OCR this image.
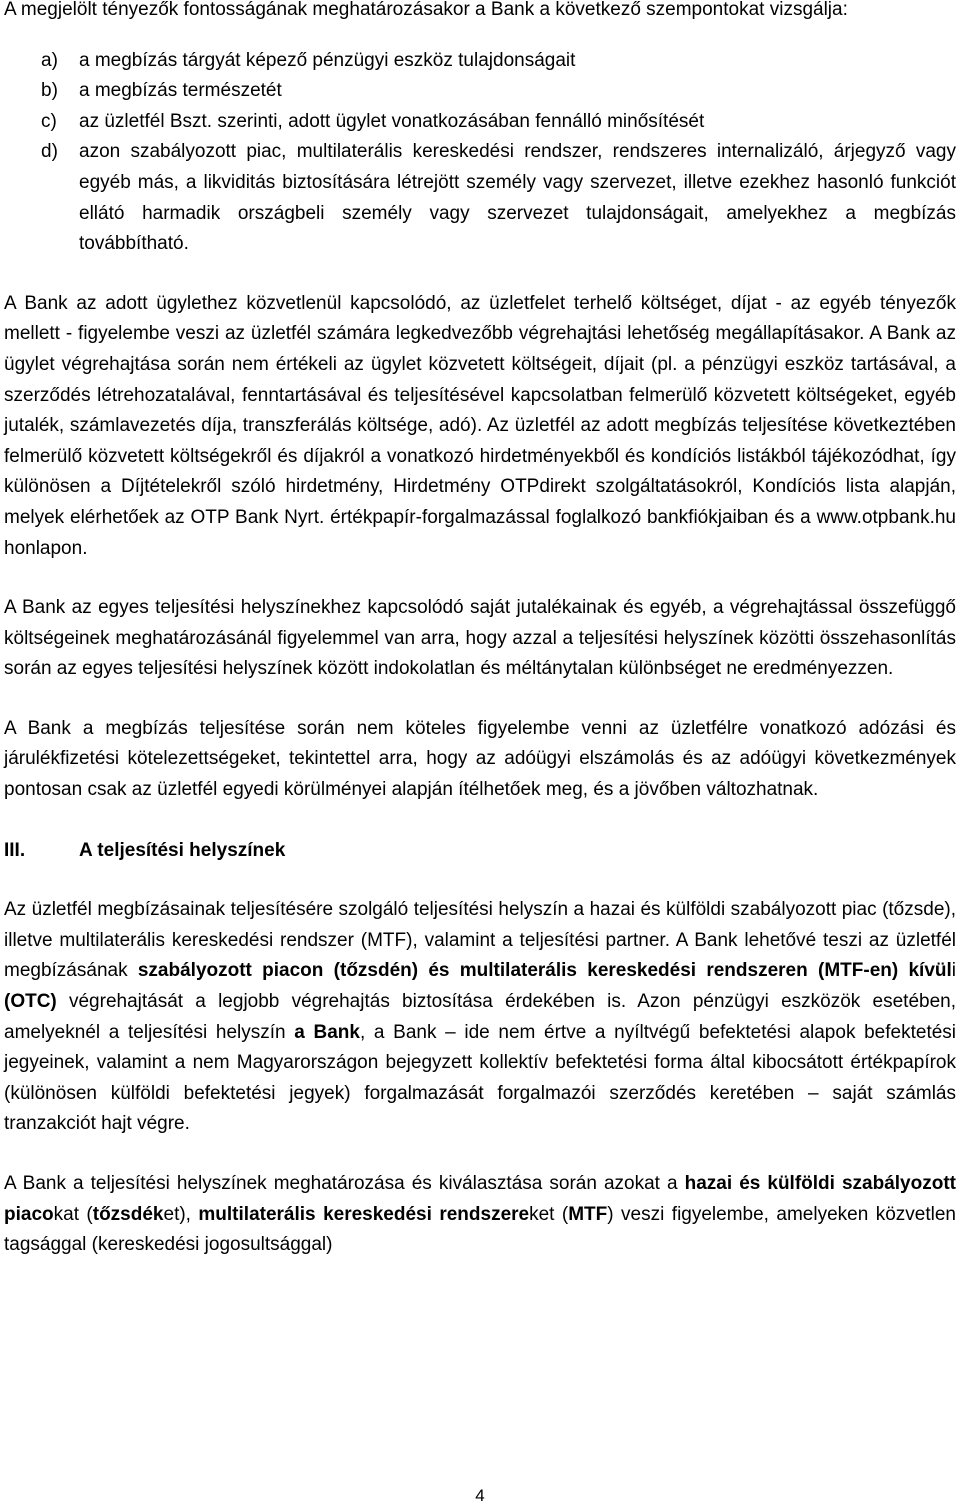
A megjelölt tényezők fontosságának meghatározásakor a Bank a következő szempontokat vizsgálja:

a) a megbízás tárgyát képező pénzügyi eszköz tulajdonságait
b) a megbízás természetét
c) az üzletfél Bszt. szerinti, adott ügylet vonatkozásában fennálló minősítését
d) azon szabályozott piac, multilaterális kereskedési rendszer, rendszeres internalizáló, árjegyző vagy egyéb más, a likviditás biztosítására létrejött személy vagy szervezet, illetve ezekhez hasonló funkciót ellátó harmadik országbeli személy vagy szervezet tulajdonságait, amelyekhez a megbízás továbbítható.

A Bank az adott ügylethez közvetlenül kapcsolódó, az üzletfelet terhelő költséget, díjat - az egyéb tényezők mellett - figyelembe veszi az üzletfél számára legkedvezőbb végrehajtási lehetőség megállapításakor. A Bank az ügylet végrehajtása során nem értékeli az ügylet közvetett költségeit, díjait (pl. a pénzügyi eszköz tartásával, a szerződés létrehozatalával, fenntartásával és teljesítésével kapcsolatban felmerülő közvetett költségeket, egyéb jutalék, számlavezetés díja, transzferálás költsége, adó). Az üzletfél az adott megbízás teljesítése következtében felmerülő közvetett költségekről és díjakról a vonatkozó hirdetményekből és kondíciós listákból tájékozódhat, így különösen a Díjtételekről szóló hirdetmény, Hirdetmény OTPdirekt szolgáltatásokról, Kondíciós lista alapján, melyek elérhetőek az OTP Bank Nyrt. értékpapír-forgalmazással foglalkozó bankfiókjaiban és a www.otpbank.hu honlapon.

A Bank az egyes teljesítési helyszínekhez kapcsolódó saját jutalékainak és egyéb, a végrehajtással összefüggő költségeinek meghatározásánál figyelemmel van arra, hogy azzal a teljesítési helyszínek közötti összehasonlítás során az egyes teljesítési helyszínek között indokolatlan és méltánytalan különbséget ne eredményezzen.

A Bank a megbízás teljesítése során nem köteles figyelembe venni az üzletfélre vonatkozó adózási és járulékfizetési kötelezettségeket, tekintettel arra, hogy az adóügyi elszámolás és az adóügyi következmények pontosan csak az üzletfél egyedi körülményei alapján ítélhetőek meg, és a jövőben változhatnak.

III.	A teljesítési helyszínek

Az üzletfél megbízásainak teljesítésére szolgáló teljesítési helyszín a hazai és külföldi szabályozott piac (tőzsde), illetve multilaterális kereskedési rendszer (MTF), valamint a teljesítési partner. A Bank lehetővé teszi az üzletfél megbízásának szabályozott piacon (tőzsdén) és multilaterális kereskedési rendszeren (MTF-en) kívüli (OTC) végrehajtását a legjobb végrehajtás biztosítása érdekében is. Azon pénzügyi eszközök esetében, amelyeknél a teljesítési helyszín a Bank, a Bank – ide nem értve a nyíltvégű befektetési alapok befektetési jegyeinek, valamint a nem Magyarországon bejegyzett kollektív befektetési forma által kibocsátott értékpapírok (különösen külföldi befektetési jegyek) forgalmazását forgalmazói szerződés keretében – saját számlás tranzakciót hajt végre.

A Bank a teljesítési helyszínek meghatározása és kiválasztása során azokat a hazai és külföldi szabályozott piacokat (tőzsdéket), multilaterális kereskedési rendszereket (MTF) veszi figyelembe, amelyeken közvetlen tagsággal (kereskedési jogosultsággal)

4
